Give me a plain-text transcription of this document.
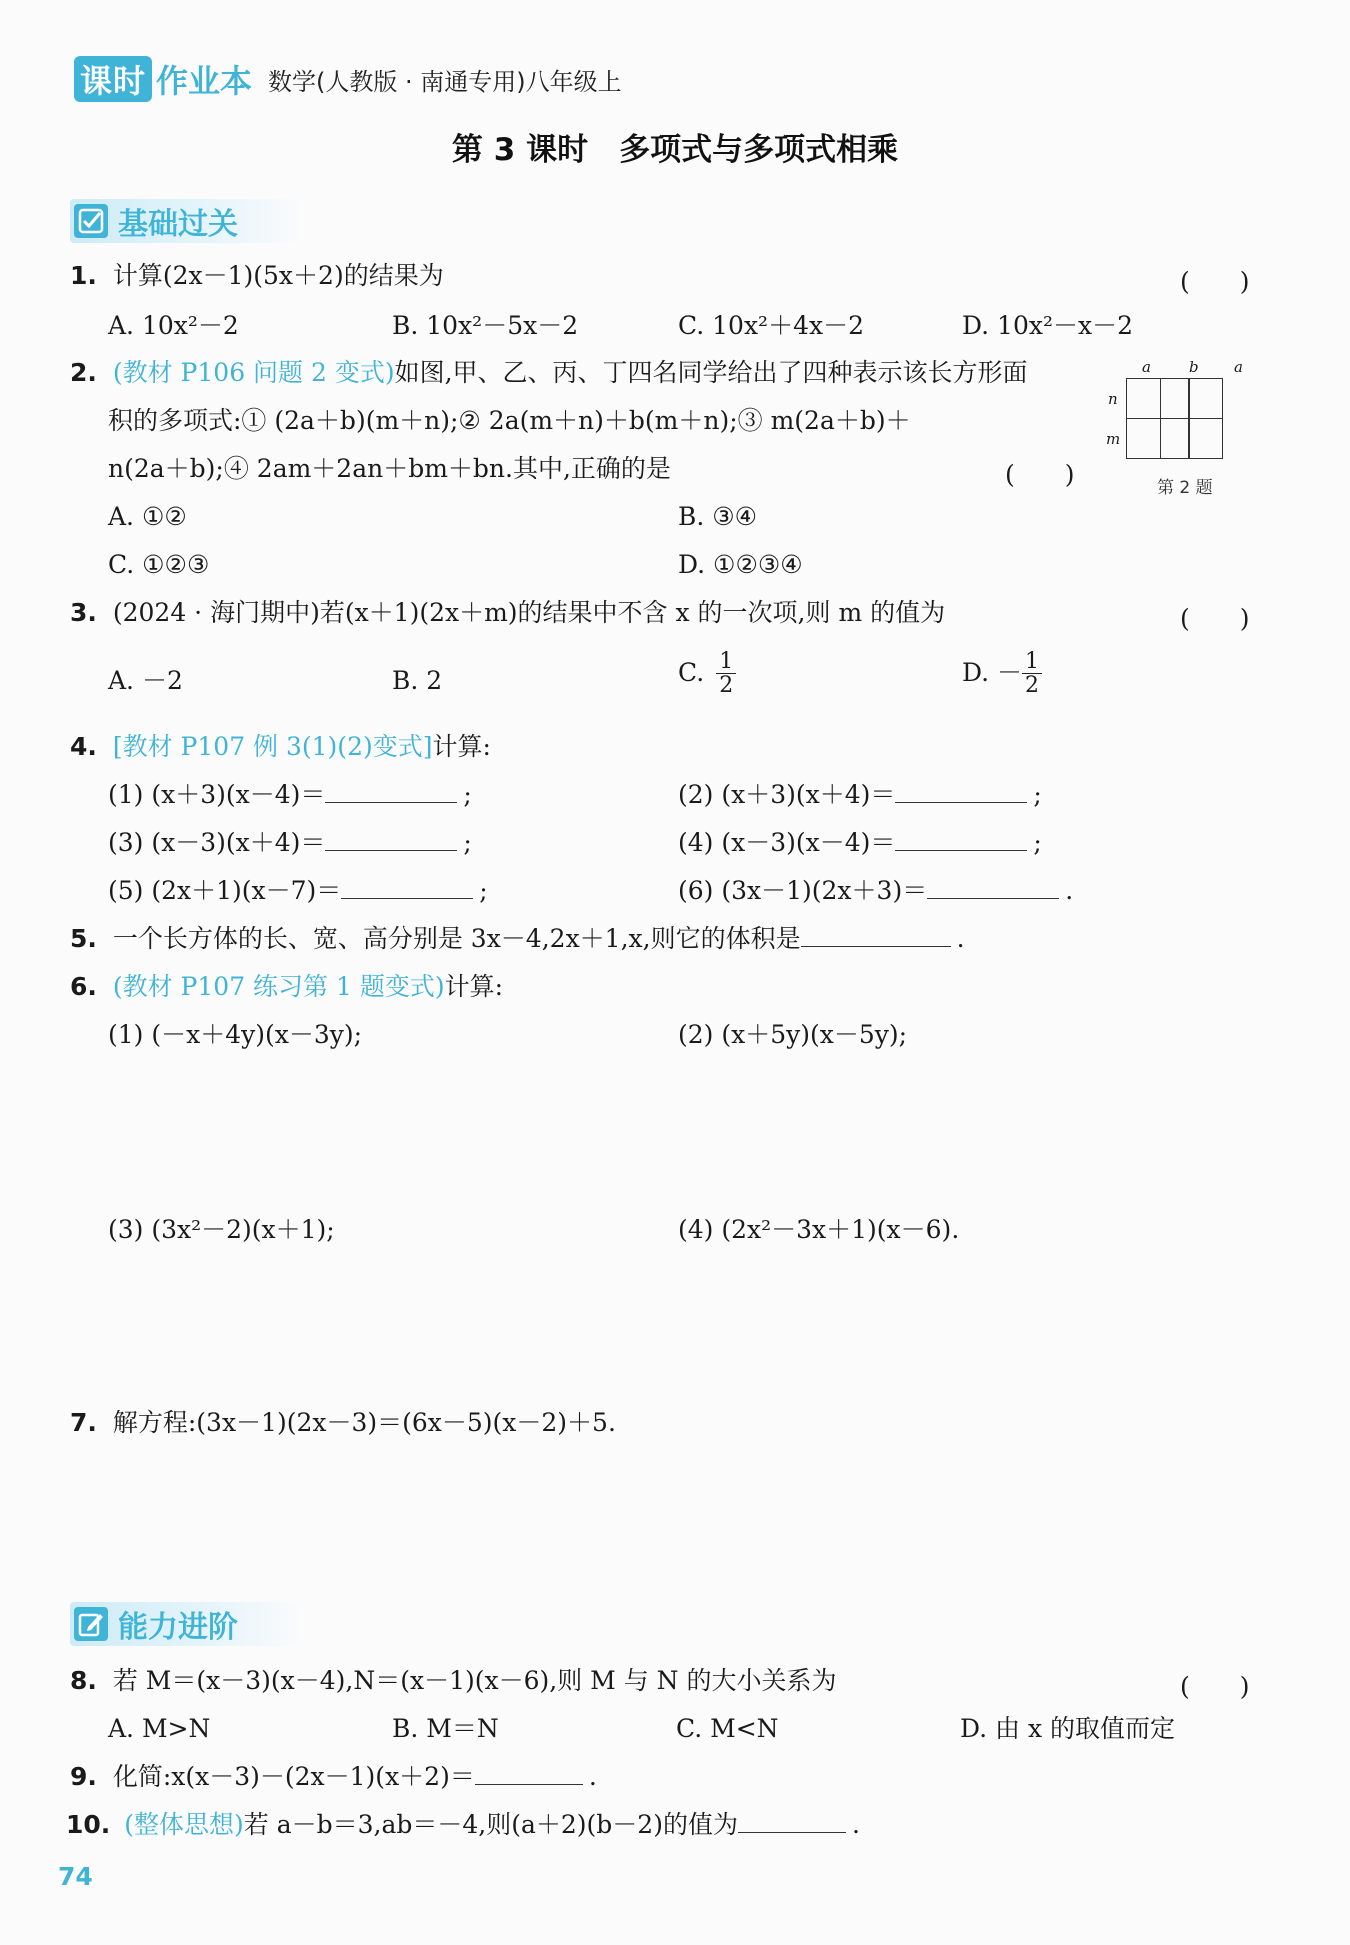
课时 作业本 数学(人教版 · 南通专用)八年级上
第 3 课时　多项式与多项式相乘
基础过关
1. 计算(2x－1)(5x＋2)的结果为	(　　)
A. 10x²－2	B. 10x²－5x－2	C. 10x²＋4x－2	D. 10x²－x－2
2. (教材 P106 问题 2 变式)如图,甲、乙、丙、丁四名同学给出了四种表示该长方形面
积的多项式:① (2a＋b)(m＋n);② 2a(m＋n)＋b(m＋n);③ m(2a＋b)＋
n(2a＋b);④ 2am＋2an＋bm＋bn.其中,正确的是	(　　)
a	b a
n
m
第 2 题
A. ①②	B. ③④
C. ①②③	D. ①②③④
3. (2024 · 海门期中)若(x＋1)(2x＋m)的结果中不含 x 的一次项,则 m 的值为	(　　)
A. －2	B. 2	C. $\frac{1}{2}$	D. － $\frac{1}{2}$
4. [教材 P107 例 3(1)(2)变式]计算:
(1) (x＋3)(x－4)＝	;	(2) (x＋3)(x＋4)＝	;
(3) (x－3)(x＋4)＝	;	(4) (x－3)(x－4)＝	;
(5) (2x＋1)(x－7)＝	;	(6) (3x－1)(2x＋3)＝	.
5. 一个长方体的长、宽、高分别是 3x－4,2x＋1,x,则它的体积是	.
6. (教材 P107 练习第 1 题变式)计算:
(1) (－x＋4y)(x－3y);	(2) (x＋5y)(x－5y);
(3) (3x²－2)(x＋1);	(4) (2x²－3x＋1)(x－6).
7. 解方程:(3x－1)(2x－3)＝(6x－5)(x－2)＋5.
能力进阶
8. 若 M＝(x－3)(x－4),N＝(x－1)(x－6),则 M 与 N 的大小关系为	(　　)
A. M>N	B. M＝N	C. M<N	D. 由 x 的取值而定
9. 化简:x(x－3)－(2x－1)(x＋2)＝	.
10. (整体思想)若 a－b＝3,ab＝－4,则(a＋2)(b－2)的值为	.
74
